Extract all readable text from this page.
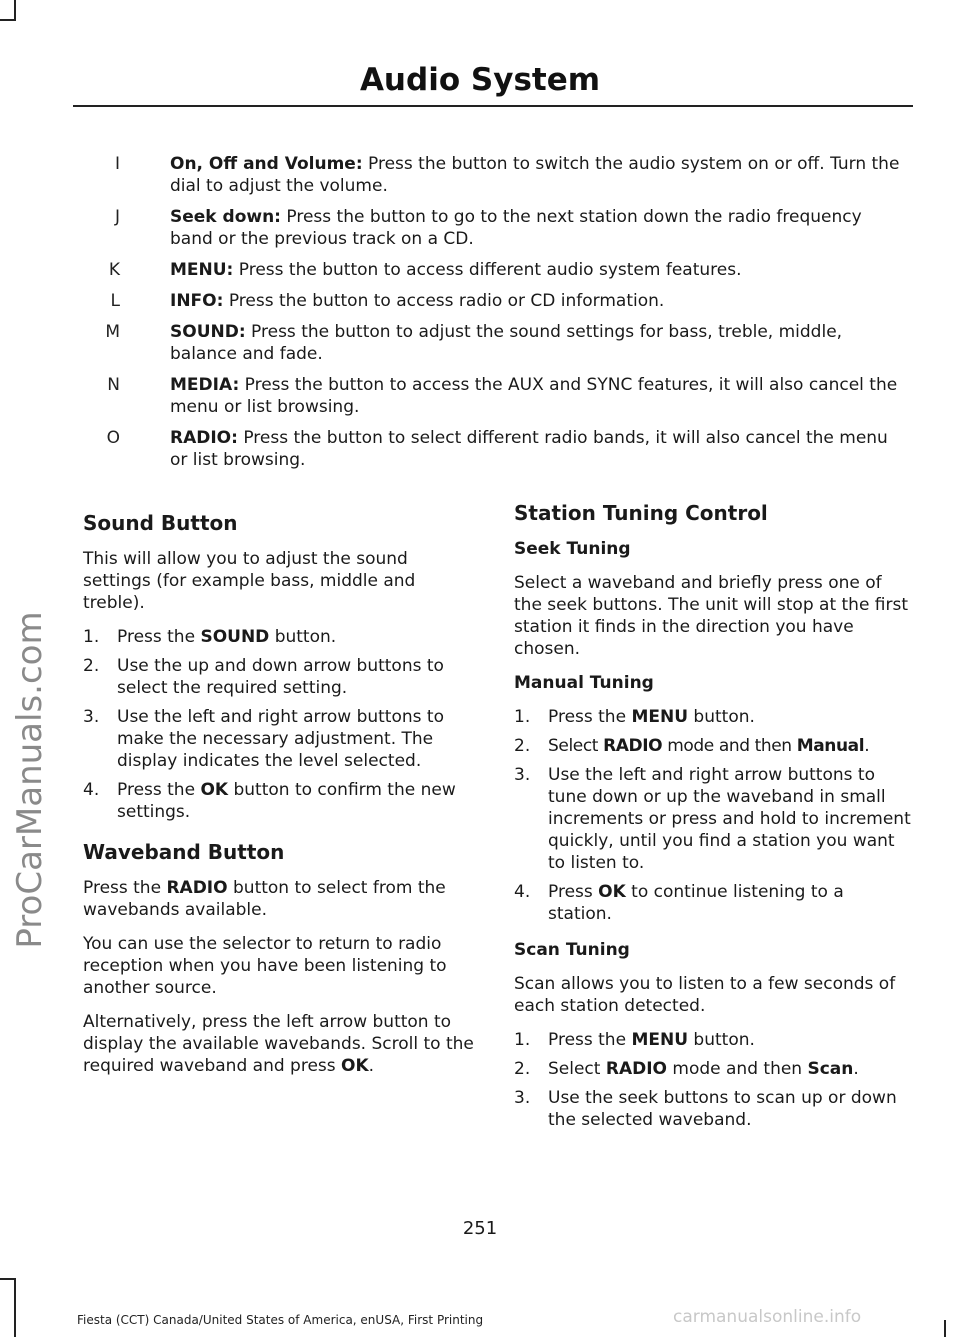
ProCarManuals.com
Audio System
I	On, Off and Volume: Press the button to switch the audio system on or off. Turn the dial to adjust the volume.
J	Seek down: Press the button to go to the next station down the radio frequency band or the previous track on a CD.
K	MENU: Press the button to access different audio system features.
L	INFO: Press the button to access radio or CD information.
M	SOUND: Press the button to adjust the sound settings for bass, treble, middle, balance and fade.
N	MEDIA: Press the button to access the AUX and SYNC features, it will also cancel the menu or list browsing.
O	RADIO: Press the button to select different radio bands, it will also cancel the menu or list browsing.
Sound Button
This will allow you to adjust the sound settings (for example bass, middle and treble).
1.	Press the SOUND button.
2.	Use the up and down arrow buttons to select the required setting.
3.	Use the left and right arrow buttons to make the necessary adjustment. The display indicates the level selected.
4.	Press the OK button to confirm the new settings.
Waveband Button
Press the RADIO button to select from the wavebands available.
You can use the selector to return to radio reception when you have been listening to another source.
Alternatively, press the left arrow button to display the available wavebands. Scroll to the required waveband and press OK.
Station Tuning Control
Seek Tuning
Select a waveband and briefly press one of the seek buttons. The unit will stop at the first station it finds in the direction you have chosen.
Manual Tuning
1.	Press the MENU button.
2.	Select RADIO mode and then Manual.
3.	Use the left and right arrow buttons to tune down or up the waveband in small increments or press and hold to increment quickly, until you find a station you want to listen to.
4.	Press OK to continue listening to a station.
Scan Tuning
Scan allows you to listen to a few seconds of each station detected.
1.	Press the MENU button.
2.	Select RADIO mode and then Scan.
3.	Use the seek buttons to scan up or down the selected waveband.
251
Fiesta (CCT) Canada/United States of America, enUSA, First Printing	carmanualsonline.info
